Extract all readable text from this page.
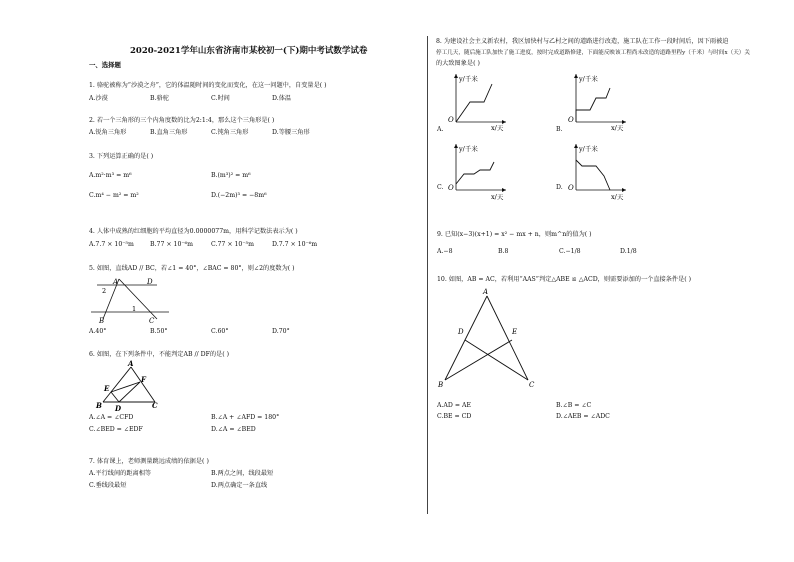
2020-2021学年山东省济南市某校初一(下)期中考试数学试卷
一、选择题
1. 骆驼被称为“沙漠之舟”，它的体温随时间的变化而变化，在这一问题中，自变量是( )
A.沙漠	B.骆驼	C.时间	D.体温
2. 若一个三角形的三个内角度数的比为2:1:4，那么这个三角形是( )
A.锐角三角形	B.直角三角形	C.钝角三角形	D.等腰三角形
3. 下列运算正确的是( )
A.m²·m³ = m⁶	B.(m³)² = m⁶
C.m⁴ − m² = m²	D.(−2m)³ = −8m⁶
4. 人体中成熟的红细胞的平均直径为0.0000077m，用科学记数法表示为( )
A.7.7 × 10⁻⁵m	B.77 × 10⁻⁶m	C.77 × 10⁻⁵m	D.7.7 × 10⁻⁶m
5. 如图，直线AD // BC，若∠1 = 40°，∠BAC = 80°，则∠2的度数为( )
A	D
B	C
1
2
A.40°	B.50°	C.60°	D.70°
6. 如图，在下列条件中，不能判定AB // DF的是( )
A
B	C
D
E
F
A.∠A = ∠CFD	B.∠A + ∠AFD = 180°
C.∠BED = ∠EDF	D.∠A = ∠BED
7. 体育课上，老师测量跳远成绩的依据是( )
A.平行线间的距离相等	B.两点之间，线段最短
C.垂线段最短	D.两点确定一条直线
8. 为建设社会主义新农村，我区加快村与乙村之间的道路进行改造，施工队在工作一段时间后，因下雨被迫
停工几天，随后施工队加快了施工进度，按时完成道路修建，下面能反映该工程尚未改造的道路里程y（千米）与时间x（天）关
的大致图象是( )
y/千米
x/天
O
A.
y/千米
x/天
O
B.
y/千米
x/天
O
C.
y/千米
x/天
O
D.
9. 已知(x−3)(x+1) = x² − mx + n，则m^n的值为( )
A.−8	B.8	C.−1/8	D.1/8
10. 如图，AB = AC，若利用“AAS”判定△ABE ≌ △ACD，则需要添加的一个直接条件是( )
A
B	C
D	E
A.AD = AE	B.∠B = ∠C
C.BE = CD	D.∠AEB = ∠ADC
